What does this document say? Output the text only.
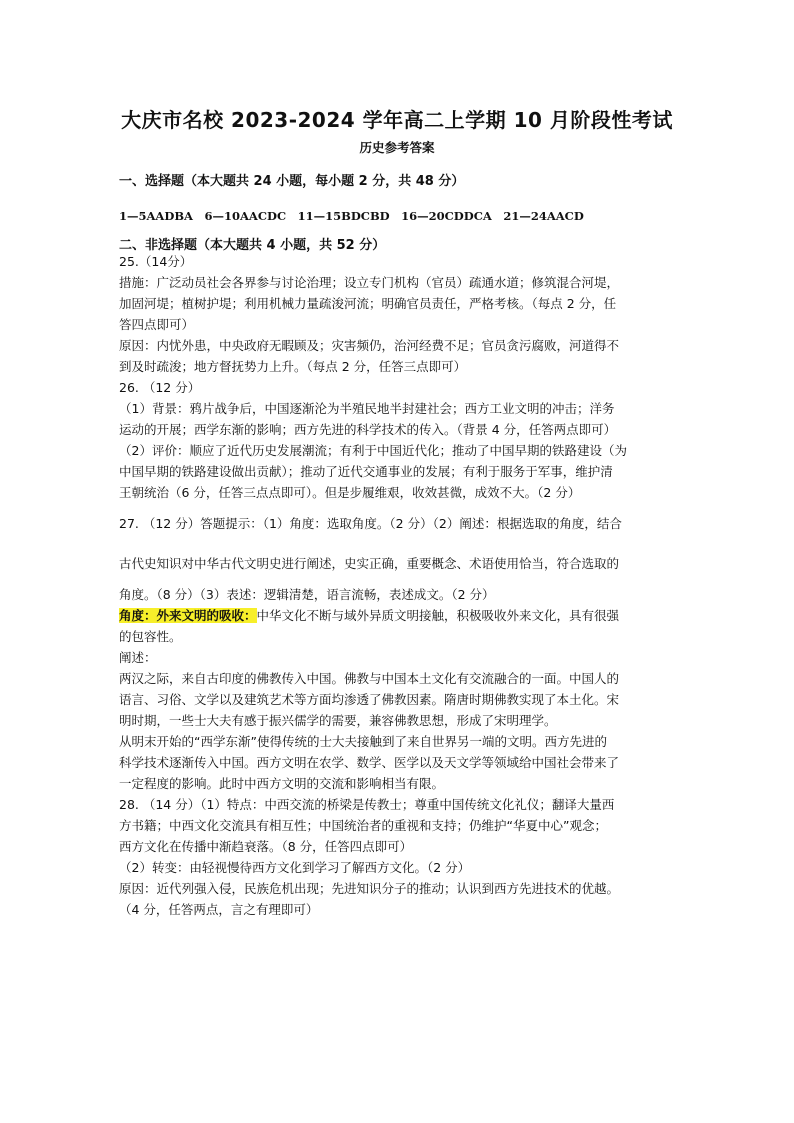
大庆市名校 2023-2024 学年高二上学期 10 月阶段性考试
历史参考答案
一、选择题（本大题共 24 小题，每小题 2 分，共 48 分）
1—5AADBA　6—10AACDC　11—15BDCBD　16—20CDDCA　21—24AACD
二、非选择题（本大题共 4 小题，共 52 分）
25.（14分）
措施：广泛动员社会各界参与讨论治理；设立专门机构（官员）疏通水道；修筑混合河堤，
加固河堤；植树护堤；利用机械力量疏浚河流；明确官员责任，严格考核。（每点 2 分，任
答四点即可）
原因：内忧外患，中央政府无暇顾及；灾害频仍，治河经费不足；官员贪污腐败，河道得不
到及时疏浚；地方督抚势力上升。（每点 2 分，任答三点即可）
26. （12 分）
（1）背景：鸦片战争后，中国逐渐沦为半殖民地半封建社会；西方工业文明的冲击；洋务
运动的开展；西学东渐的影响；西方先进的科学技术的传入。（背景 4 分，任答两点即可）
（2）评价：顺应了近代历史发展潮流；有利于中国近代化；推动了中国早期的铁路建设（为
中国早期的铁路建设做出贡献）；推动了近代交通事业的发展；有利于服务于军事，维护清
王朝统治（6 分，任答三点点即可）。但是步履维艰，收效甚微，成效不大。（2 分）
27. （12 分）答题提示：（1）角度：选取角度。（2 分）（2）阐述：根据选取的角度，结合
古代史知识对中华古代文明史进行阐述，史实正确，重要概念、术语使用恰当，符合选取的
角度。（8 分）（3）表述：逻辑清楚，语言流畅，表述成文。（2 分）
角度：外来文明的吸收：中华文化不断与域外异质文明接触，积极吸收外来文化，具有很强
的包容性。
阐述：
两汉之际，来自古印度的佛教传入中国。佛教与中国本土文化有交流融合的一面。中国人的
语言、习俗、文学以及建筑艺术等方面均渗透了佛教因素。隋唐时期佛教实现了本土化。宋
明时期，一些士大夫有感于振兴儒学的需要，兼容佛教思想，形成了宋明理学。
从明末开始的“西学东渐”使得传统的士大夫接触到了来自世界另一端的文明。西方先进的
科学技术逐渐传入中国。西方文明在农学、数学、医学以及天文学等领域给中国社会带来了
一定程度的影响。此时中西方文明的交流和影响相当有限。
28. （14 分）（1）特点：中西交流的桥梁是传教士；尊重中国传统文化礼仪；翻译大量西
方书籍；中西文化交流具有相互性；中国统治者的重视和支持；仍维护“华夏中心”观念；
西方文化在传播中渐趋衰落。（8 分，任答四点即可）
（2）转变：由轻视慢待西方文化到学习了解西方文化。（2 分）
原因：近代列强入侵，民族危机出现；先进知识分子的推动；认识到西方先进技术的优越。
（4 分，任答两点，言之有理即可）
